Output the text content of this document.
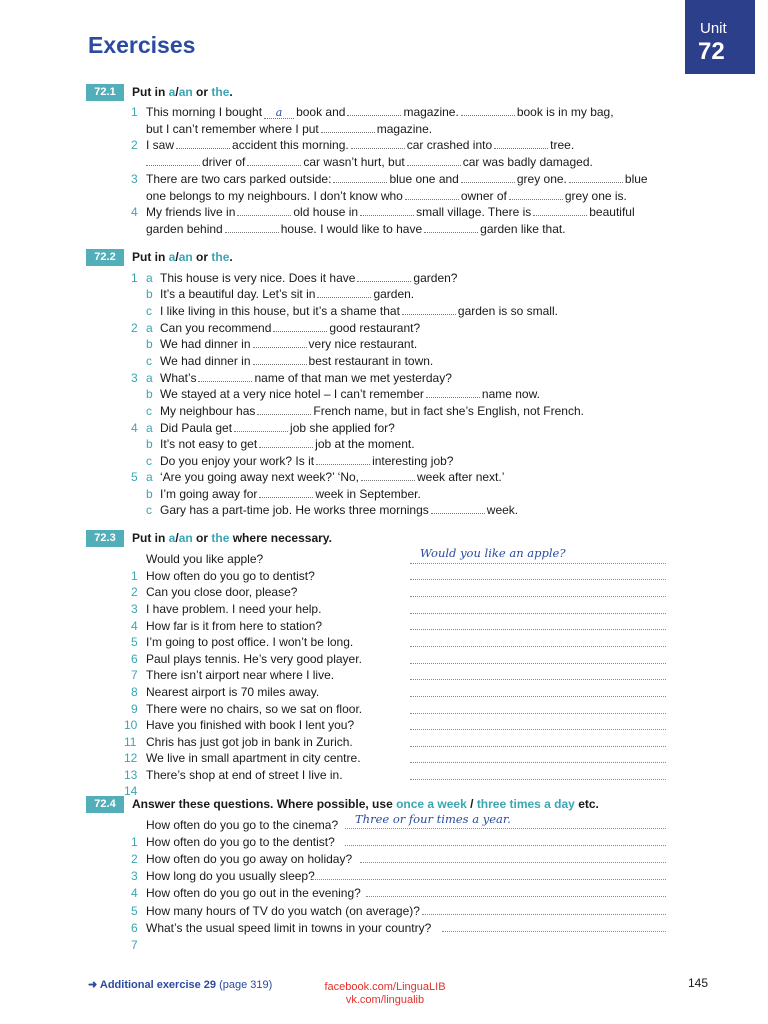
Exercises
Unit
72
72.1	Put in a/an or the.
1 This morning I bought a book and	magazine.	book is in my bag,
but I can’t remember where I put	magazine.
2 I saw	accident this morning.	car crashed into	tree.
driver of	car wasn’t hurt, but	car was badly damaged.
3 There are two cars parked outside:	blue one and	grey one.	blue
one belongs to my neighbours. I don’t know who	owner of	grey one is.
4 My friends live in	old house in	small village. There is	beautiful
garden behind	house. I would like to have	garden like that.
72.2	Put in a/an or the.
1 a This house is very nice. Does it have	garden?
b It’s a beautiful day. Let’s sit in	garden.
c I like living in this house, but it’s a shame that	garden is so small.
2 a Can you recommend	good restaurant?
b We had dinner in	very nice restaurant.
c We had dinner in	best restaurant in town.
3 a What’s	name of that man we met yesterday?
b We stayed at a very nice hotel – I can’t remember	name now.
c My neighbour has	French name, but in fact she’s English, not French.
4 a Did Paula get	job she applied for?
b It’s not easy to get	job at the moment.
c Do you enjoy your work? Is it	interesting job?
5 a ‘Are you going away next week?’ ‘No,	week after next.’
b I’m going away for	week in September.
c Gary has a part-time job. He works three mornings	week.
72.3	Put in a/an or the where necessary.
Would you like apple?	Would you like an apple?
1 How often do you go to dentist?
2 Can you close door, please?
3 I have problem. I need your help.
4 How far is it from here to station?
5 I’m going to post office. I won’t be long.
6 Paul plays tennis. He’s very good player.
7 There isn’t airport near where I live.
8 Nearest airport is 70 miles away.
9 There were no chairs, so we sat on floor.
10 Have you finished with book I lent you?
11 Chris has just got job in bank in Zurich.
12 We live in small apartment in city centre.
13 There’s shop at end of street I live in.
14
72.4	Answer these questions. Where possible, use once a week / three times a day etc.
How often do you go to the cinema? Three or four times a year.
1 How often do you go to the dentist?
2 How often do you go away on holiday?
3 How long do you usually sleep?
4 How often do you go out in the evening?
5 How many hours of TV do you watch (on average)?
6 What’s the usual speed limit in towns in your country?
7
➜ Additional exercise 29 (page 319)	facebook.com/LinguaLIB
vk.com/lingualib
145
